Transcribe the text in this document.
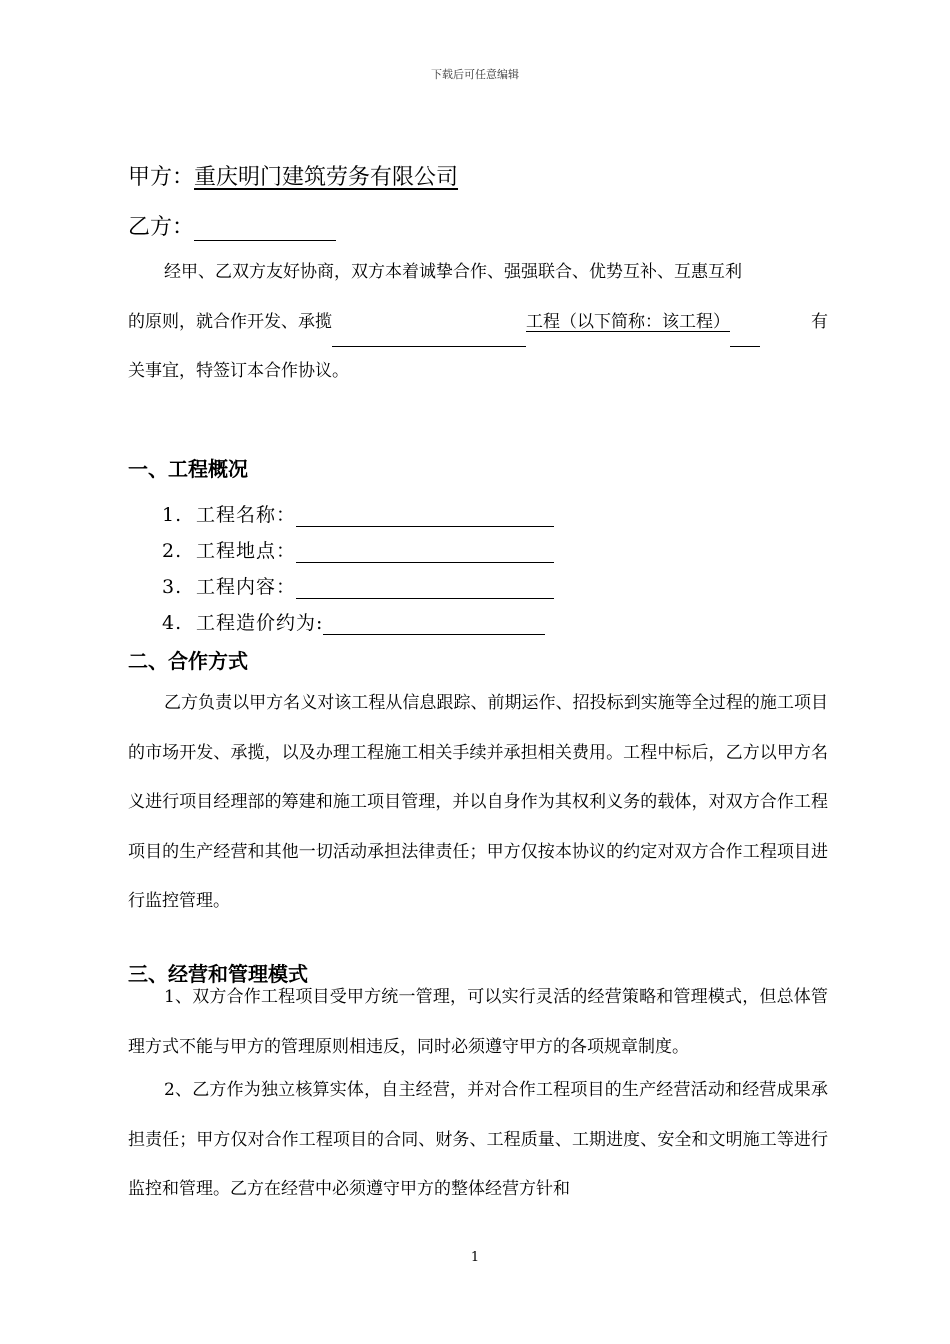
下载后可任意编辑
甲方：重庆明门建筑劳务有限公司
乙方：
经甲、乙双方友好协商，双方本着诚挚合作、强强联合、优势互补、互惠互利
的原则，就合作开发、承揽	工程（以下简称：该工程）	有
关事宜，特签订本合作协议。
一、工程概况
1. 工程名称：
2. 工程地点：
3. 工程内容：
4. 工程造价约为:
二、合作方式
乙方负责以甲方名义对该工程从信息跟踪、前期运作、招投标到实施等全过程的施工项目的市场开发、承揽，以及办理工程施工相关手续并承担相关费用。工程中标后，乙方以甲方名义进行项目经理部的筹建和施工项目管理，并以自身作为其权利义务的载体，对双方合作工程项目的生产经营和其他一切活动承担法律责任；甲方仅按本协议的约定对双方合作工程项目进行监控管理。
三、经营和管理模式
1、双方合作工程项目受甲方统一管理，可以实行灵活的经营策略和管理模式，但总体管理方式不能与甲方的管理原则相违反，同时必须遵守甲方的各项规章制度。
2、乙方作为独立核算实体，自主经营，并对合作工程项目的生产经营活动和经营成果承担责任；甲方仅对合作工程项目的合同、财务、工程质量、工期进度、安全和文明施工等进行监控和管理。乙方在经营中必须遵守甲方的整体经营方针和
1
